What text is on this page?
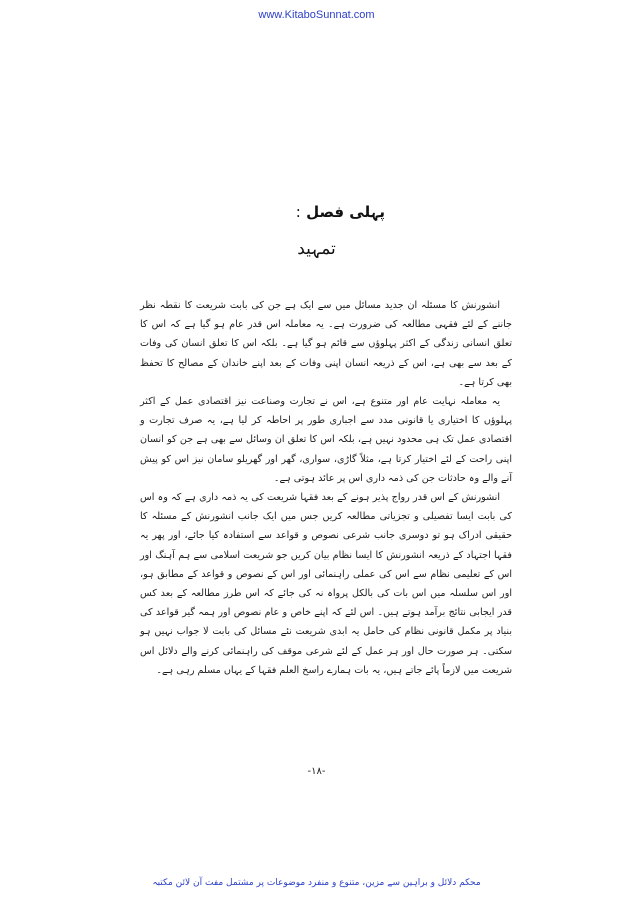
www.KitaboSunnat.com
پہلی فصل :
تمہید

انشورنش کا مسئلہ ان جدید مسائل میں سے ایک ہے جن کی بابت شریعت کا نقطہ نظر جاننے کے لئے فقہی مطالعہ کی ضرورت ہے۔ یہ معاملہ اس قدر عام ہو گیا ہے کہ اس کا تعلق انسانی زندگی کے اکثر پہلوؤں سے قائم ہو گیا ہے۔ بلکہ اس کا تعلق انسان کی وفات کے بعد سے بھی ہے، اس کے ذریعہ انسان اپنی وفات کے بعد اپنے خاندان کے مصالح کا تحفظ بھی کرتا ہے۔

یہ معاملہ نہایت عام اور متنوع ہے، اس نے تجارت وصناعت نیز اقتصادی عمل کے اکثر پہلوؤں کا اختیاری یا قانونی مدد سے اجباری طور پر احاطہ کر لیا ہے، یہ صرف تجارت و اقتصادی عمل تک ہی محدود نہیں ہے، بلکہ اس کا تعلق ان وسائل سے بھی ہے جن کو انسان اپنی راحت کے لئے اختیار کرتا ہے، مثلاً گاڑی، سواری، گھر اور گھریلو سامان نیز اس کو پیش آنے والے وہ حادثات جن کی ذمہ داری اس پر عائد ہوتی ہے۔

انشورنش کے اس قدر رواج پذیر ہونے کے بعد فقہا شریعت کی یہ ذمہ داری ہے کہ وہ اس کی بابت ایسا تفصیلی و تجزیاتی مطالعہ کریں جس میں ایک جانب انشورنش کے مسئلہ کا حقیقی ادراک ہو تو دوسری جانب شرعی نصوص و قواعد سے استفادہ کیا جائے، اور پھر یہ فقہا اجتہاد کے ذریعہ انشورنش کا ایسا نظام بیان کریں جو شریعت اسلامی سے ہم آہنگ اور اس کے تعلیمی نظام سے اس کی عملی راہنمائی اور اس کے نصوص و قواعد کے مطابق ہو، اور اس سلسلہ میں اس بات کی بالکل پرواہ نہ کی جائے کہ اس طرز مطالعہ کے بعد کس قدر ایجابی نتائج برآمد ہوتے ہیں۔ اس لئے کہ اپنے خاص و عام نصوص اور ہمہ گیر قواعد کی بنیاد پر مکمل قانونی نظام کی حامل یہ ابدی شریعت نئے مسائل کی بابت لا جواب نہیں ہو سکتی۔ ہر صورت حال اور ہر عمل کے لئے شرعی موقف کی راہنمائی کرنے والے دلائل اس شریعت میں لازماً پائے جاتے ہیں، یہ بات ہمارے راسخ العلم فقہا کے یہاں مسلم رہی ہے۔

-١٨-
محکم دلائل و براہین سے مزین، متنوع و منفرد موضوعات پر مشتمل مفت آن لائن مکتبہ
